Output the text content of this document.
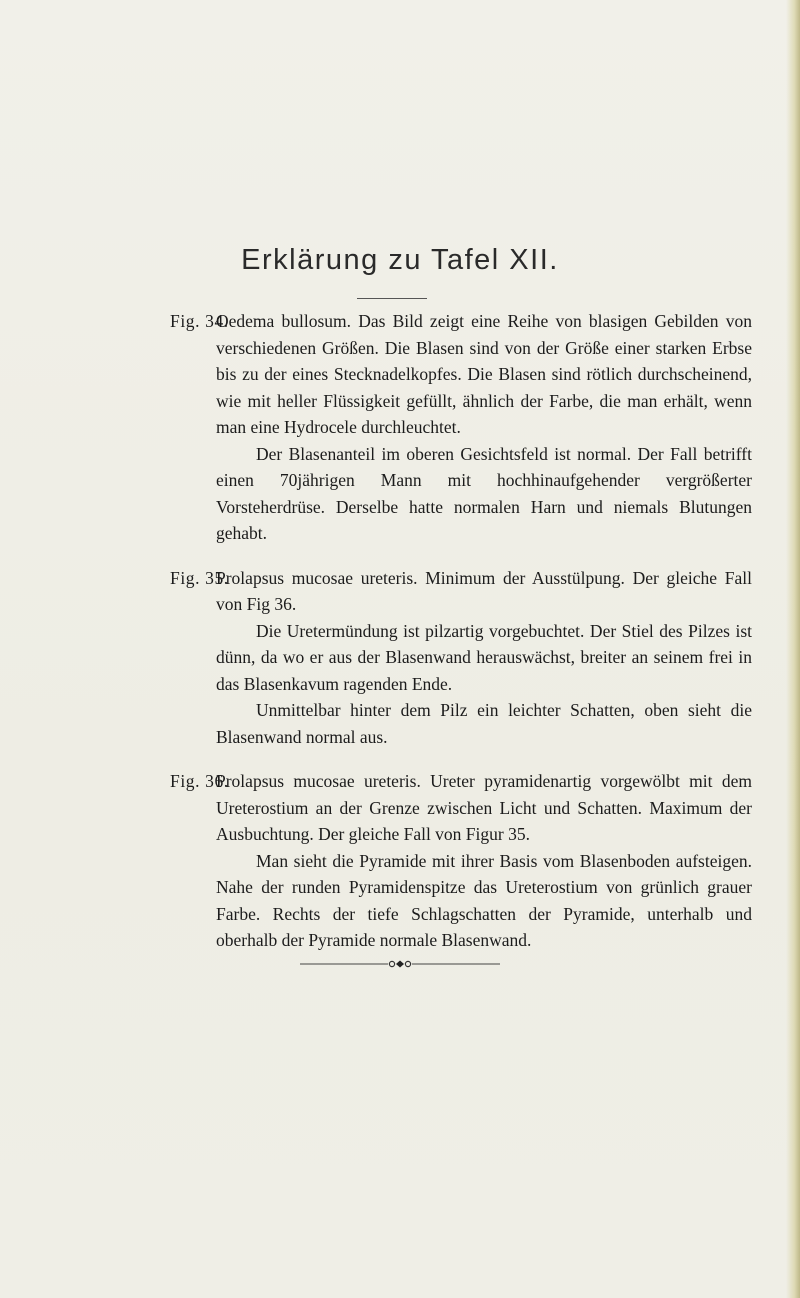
Erklärung zu Tafel XII.
Fig. 34.

Oedema bullosum. Das Bild zeigt eine Reihe von blasigen Gebilden von verschiedenen Größen. Die Blasen sind von der Größe einer starken Erbse bis zu der eines Stecknadelkopfes. Die Blasen sind rötlich durchscheinend, wie mit heller Flüssigkeit gefüllt, ähnlich der Farbe, die man erhält, wenn man eine Hydrocele durchleuchtet.

Der Blasenanteil im oberen Gesichtsfeld ist normal. Der Fall betrifft einen 70jährigen Mann mit hochhinaufgehender vergrößerter Vorsteherdrüse. Derselbe hatte normalen Harn und niemals Blutungen gehabt.

Fig. 35.

Prolapsus mucosae ureteris. Minimum der Ausstülpung. Der gleiche Fall von Fig 36.

Die Uretermündung ist pilzartig vorgebuchtet. Der Stiel des Pilzes ist dünn, da wo er aus der Blasenwand herauswächst, breiter an seinem frei in das Blasenkavum ragenden Ende.

Unmittelbar hinter dem Pilz ein leichter Schatten, oben sieht die Blasenwand normal aus.

Fig. 36.

Prolapsus mucosae ureteris. Ureter pyramidenartig vorgewölbt mit dem Ureterostium an der Grenze zwischen Licht und Schatten. Maximum der Ausbuchtung. Der gleiche Fall von Figur 35.

Man sieht die Pyramide mit ihrer Basis vom Blasenboden aufsteigen. Nahe der runden Pyramidenspitze das Ureterostium von grünlich grauer Farbe. Rechts der tiefe Schlagschatten der Pyramide, unterhalb und oberhalb der Pyramide normale Blasenwand.
